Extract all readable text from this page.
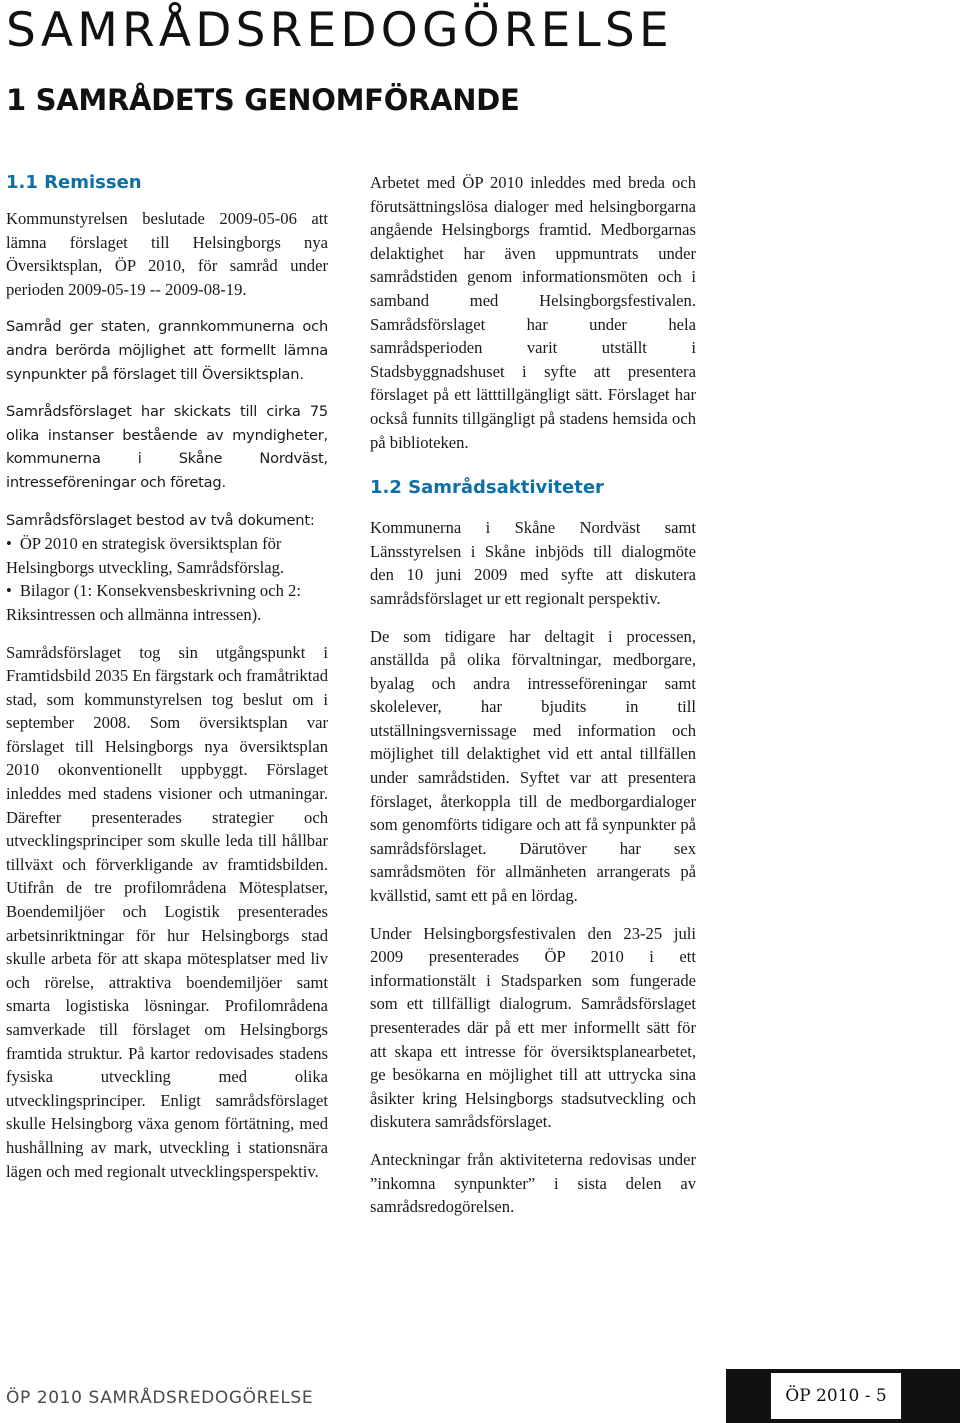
SAMRÅDSREDOGÖRELSE
1 SAMRÅDETS GENOMFÖRANDE
1.1 Remissen

Kommunstyrelsen beslutade 2009-05-06 att lämna förslaget till Helsingborgs nya Översiktsplan, ÖP 2010, för samråd under perioden 2009-05-19 -- 2009-08-19.

Samråd ger staten, grannkommunerna och andra berörda möjlighet att formellt lämna synpunkter på förslaget till Översiktsplan.

Samrådsförslaget har skickats till cirka 75 olika instanser bestående av myndigheter, kommunerna i Skåne Nordväst, intresseföreningar och företag.

Samrådsförslaget bestod av två dokument:

• ÖP 2010 en strategisk översiktsplan för Helsingborgs utveckling, Samrådsförslag.
• Bilagor (1: Konsekvensbeskrivning och 2: Riksintressen och allmänna intressen).

Samrådsförslaget tog sin utgångspunkt i Framtidsbild 2035 En färgstark och framåtriktad stad, som kommunstyrelsen tog beslut om i september 2008. Som översiktsplan var förslaget till Helsingborgs nya översiktsplan 2010 okonventionellt uppbyggt. Förslaget inleddes med stadens visioner och utmaningar. Därefter presenterades strategier och utvecklingsprinciper som skulle leda till hållbar tillväxt och förverkligande av framtidsbilden. Utifrån de tre profilområdena Mötesplatser, Boendemiljöer och Logistik presenterades arbetsinriktningar för hur Helsingborgs stad skulle arbeta för att skapa mötesplatser med liv och rörelse, attraktiva boendemiljöer samt smarta logistiska lösningar. Profilområdena samverkade till förslaget om Helsingborgs framtida struktur. På kartor redovisades stadens fysiska utveckling med olika utvecklingsprinciper. Enligt samrådsförslaget skulle Helsingborg växa genom förtätning, med hushållning av mark, utveckling i stationsnära lägen och med regionalt utvecklingsperspektiv.

Arbetet med ÖP 2010 inleddes med breda och förutsättningslösa dialoger med helsingborgarna angående Helsingborgs framtid. Medborgarnas delaktighet har även uppmuntrats under samrådstiden genom informationsmöten och i samband med Helsingborgsfestivalen. Samrådsförslaget har under hela samrådsperioden varit utställt i Stadsbyggnadshuset i syfte att presentera förslaget på ett lätttillgängligt sätt. Förslaget har också funnits tillgängligt på stadens hemsida och på biblioteken.

1.2 Samrådsaktiviteter

Kommunerna i Skåne Nordväst samt Länsstyrelsen i Skåne inbjöds till dialogmöte den 10 juni 2009 med syfte att diskutera samrådsförslaget ur ett regionalt perspektiv.

De som tidigare har deltagit i processen, anställda på olika förvaltningar, medborgare, byalag och andra intresseföreningar samt skolelever, har bjudits in till utställningsvernissage med information och möjlighet till delaktighet vid ett antal tillfällen under samrådstiden. Syftet var att presentera förslaget, återkoppla till de medborgardialoger som genomförts tidigare och att få synpunkter på samrådsförslaget. Därutöver har sex samrådsmöten för allmänheten arrangerats på kvällstid, samt ett på en lördag.

Under Helsingborgsfestivalen den 23-25 juli 2009 presenterades ÖP 2010 i ett informationstält i Stadsparken som fungerade som ett tillfälligt dialogrum. Samrådsförslaget presenterades där på ett mer informellt sätt för att skapa ett intresse för översiktsplanearbetet, ge besökarna en möjlighet till att uttrycka sina åsikter kring Helsingborgs stadsutveckling och diskutera samrådsförslaget.

Anteckningar från aktiviteterna redovisas under ”inkomna synpunkter” i sista delen av samrådsredogörelsen.

ÖP 2010 SAMRÅDSREDOGÖRELSE	ÖP 2010 - 5
